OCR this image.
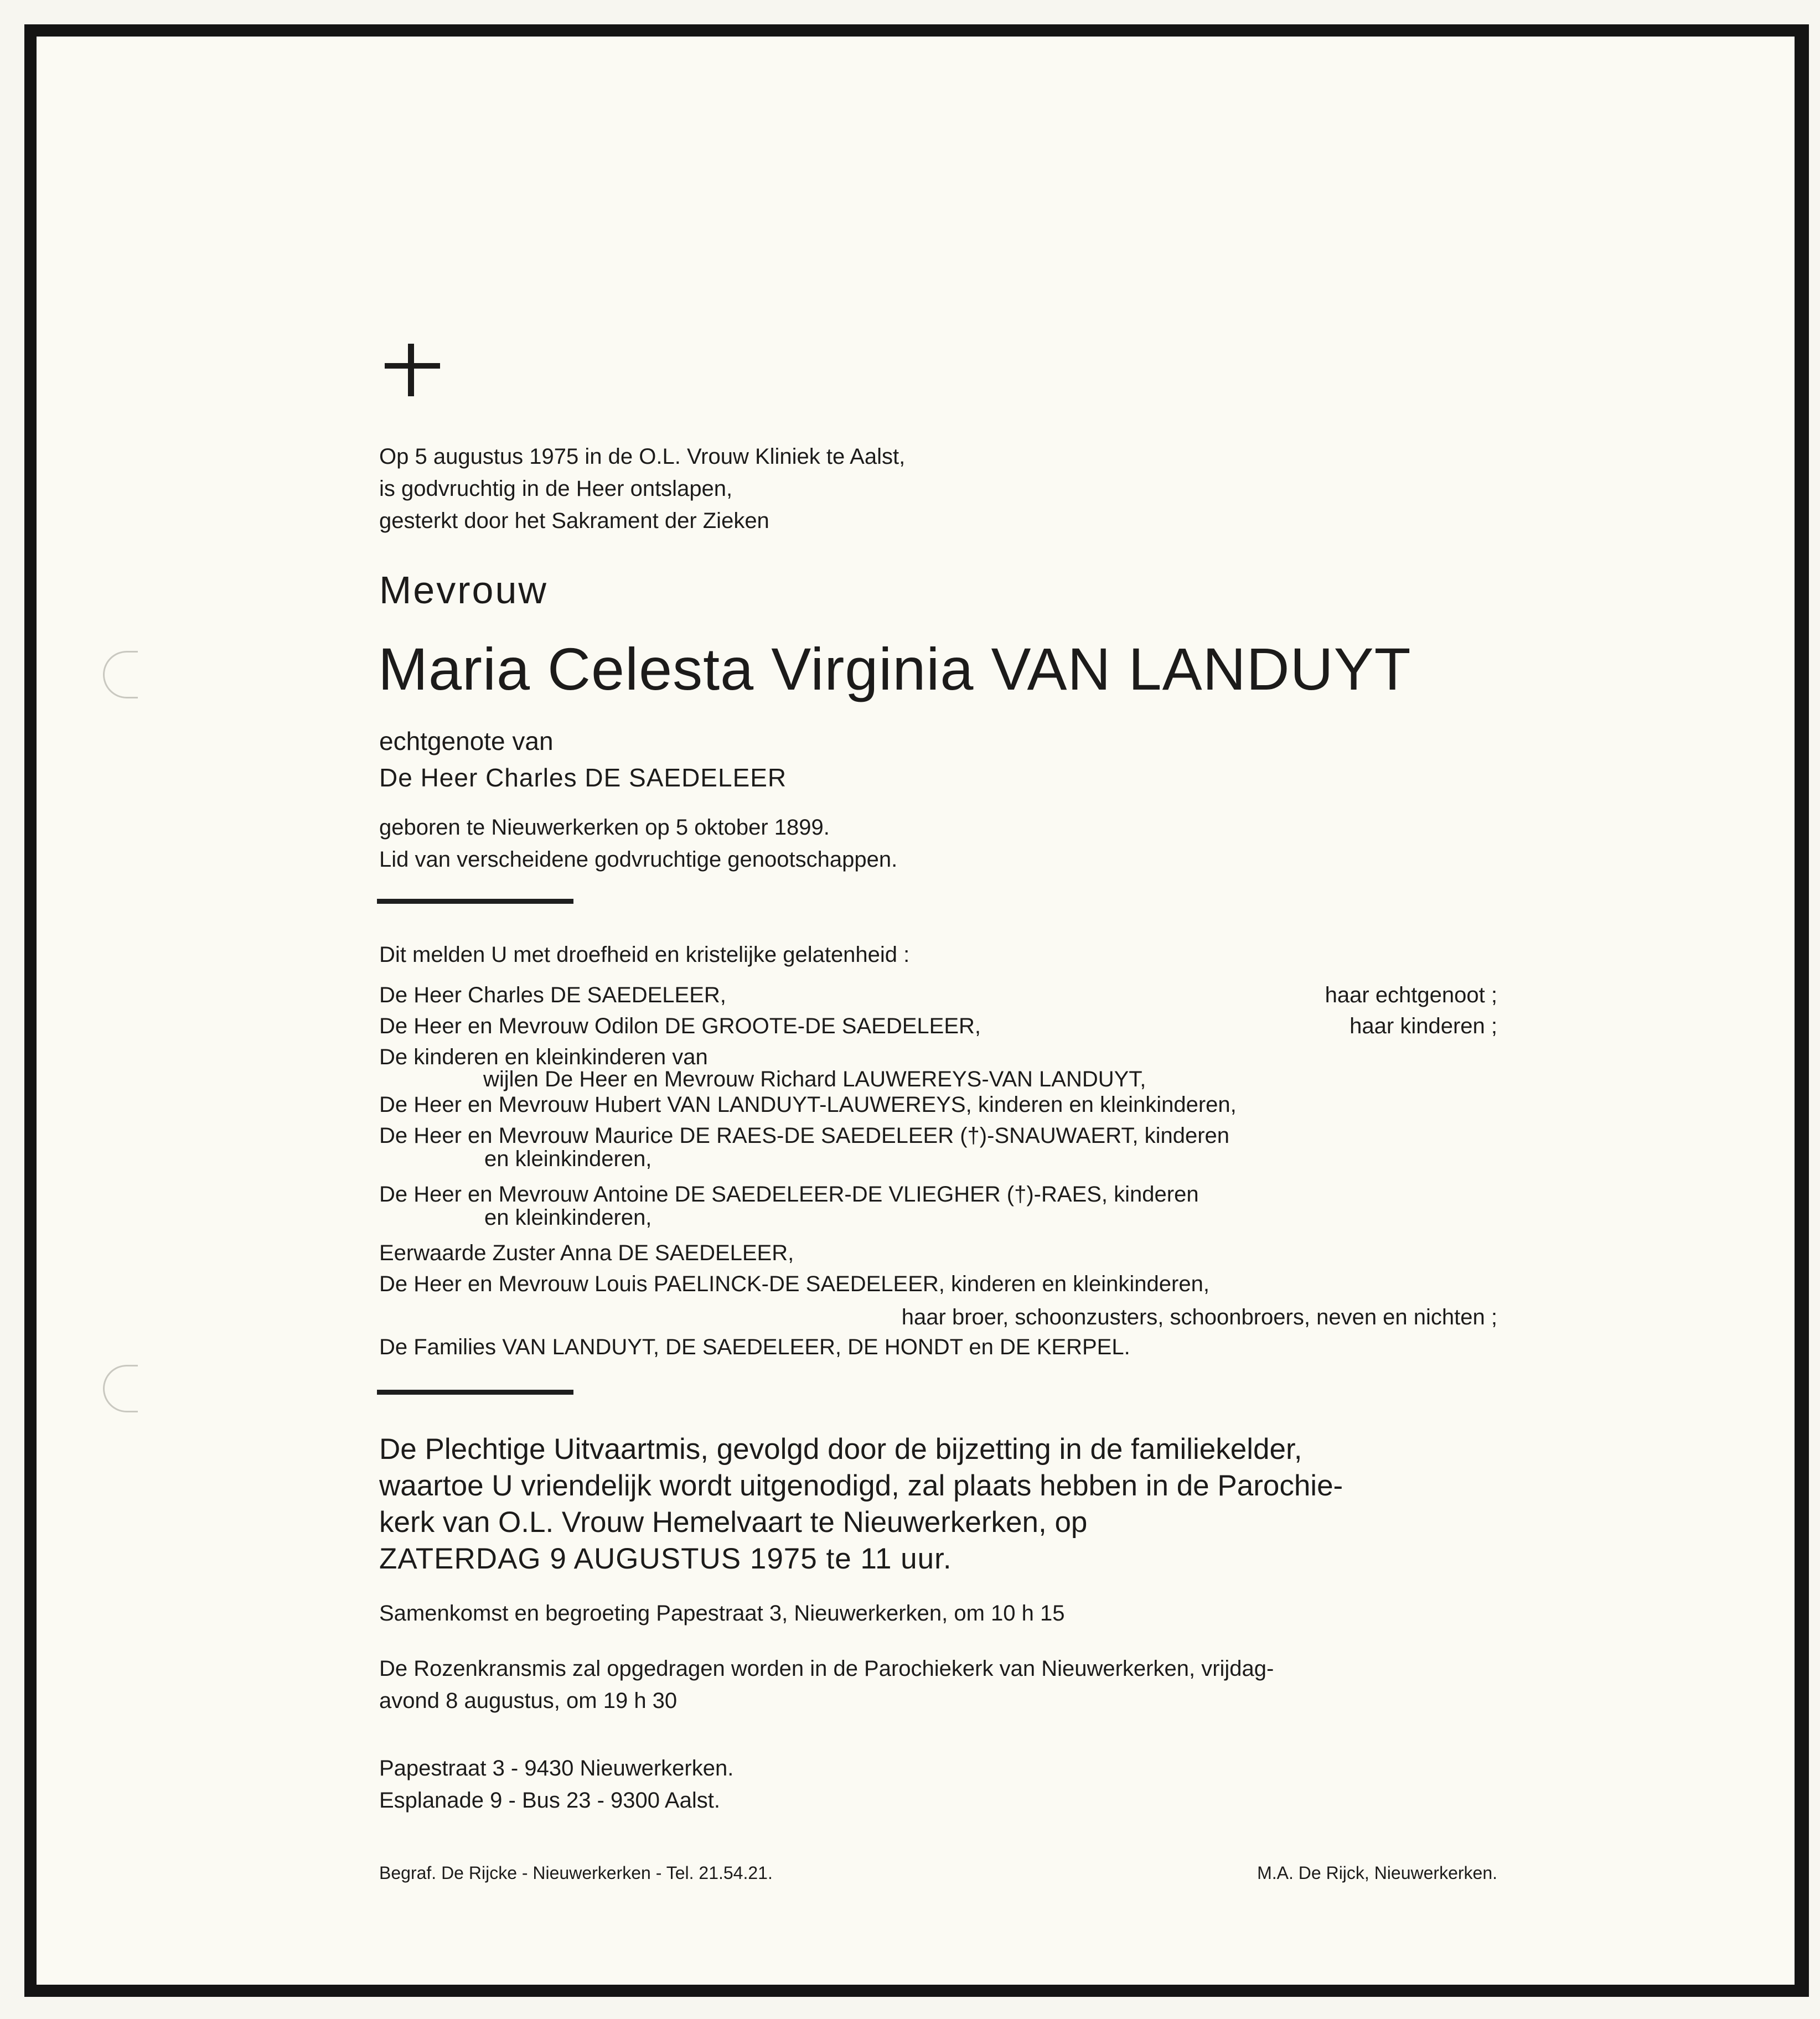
Op 5 augustus 1975 in de O.L. Vrouw Kliniek te Aalst,

is godvruchtig in de Heer ontslapen,

gesterkt door het Sakrament der Zieken

Mevrouw
Maria Celesta Virginia VAN LANDUYT

echtgenote van

De Heer Charles DE SAEDELEER

geboren te Nieuwerkerken op 5 oktober 1899.

Lid van verscheidene godvruchtige genootschappen.

Dit melden U met droefheid en kristelijke gelatenheid :
De Heer Charles DE SAEDELEER,	haar echtgenoot ;
De Heer en Mevrouw Odilon DE GROOTE-DE SAEDELEER,	haar kinderen ;
De kinderen en kleinkinderen van
wijlen De Heer en Mevrouw Richard LAUWEREYS-VAN LANDUYT,
De Heer en Mevrouw Hubert VAN LANDUYT-LAUWEREYS, kinderen en kleinkinderen,
De Heer en Mevrouw Maurice DE RAES-DE SAEDELEER (†)-SNAUWAERT, kinderen
en kleinkinderen,
De Heer en Mevrouw Antoine DE SAEDELEER-DE VLIEGHER (†)-RAES, kinderen
en kleinkinderen,
Eerwaarde Zuster Anna DE SAEDELEER,
De Heer en Mevrouw Louis PAELINCK-DE SAEDELEER, kinderen en kleinkinderen,
haar broer, schoonzusters, schoonbroers, neven en nichten ;
De Families VAN LANDUYT, DE SAEDELEER, DE HONDT en DE KERPEL.
De Plechtige Uitvaartmis, gevolgd door de bijzetting in de familiekelder,
waartoe U vriendelijk wordt uitgenodigd, zal plaats hebben in de Parochie-
kerk van O.L. Vrouw Hemelvaart te Nieuwerkerken, op
ZATERDAG 9 AUGUSTUS 1975 te 11 uur.
Samenkomst en begroeting Papestraat 3, Nieuwerkerken, om 10 h 15

De Rozenkransmis zal opgedragen worden in de Parochiekerk van Nieuwerkerken, vrijdag-

avond 8 augustus, om 19 h 30

Papestraat 3 - 9430 Nieuwerkerken.

Esplanade 9 - Bus 23 - 9300 Aalst.

Begraf. De Rijcke - Nieuwerkerken - Tel. 21.54.21.	M.A. De Rijck, Nieuwerkerken.
